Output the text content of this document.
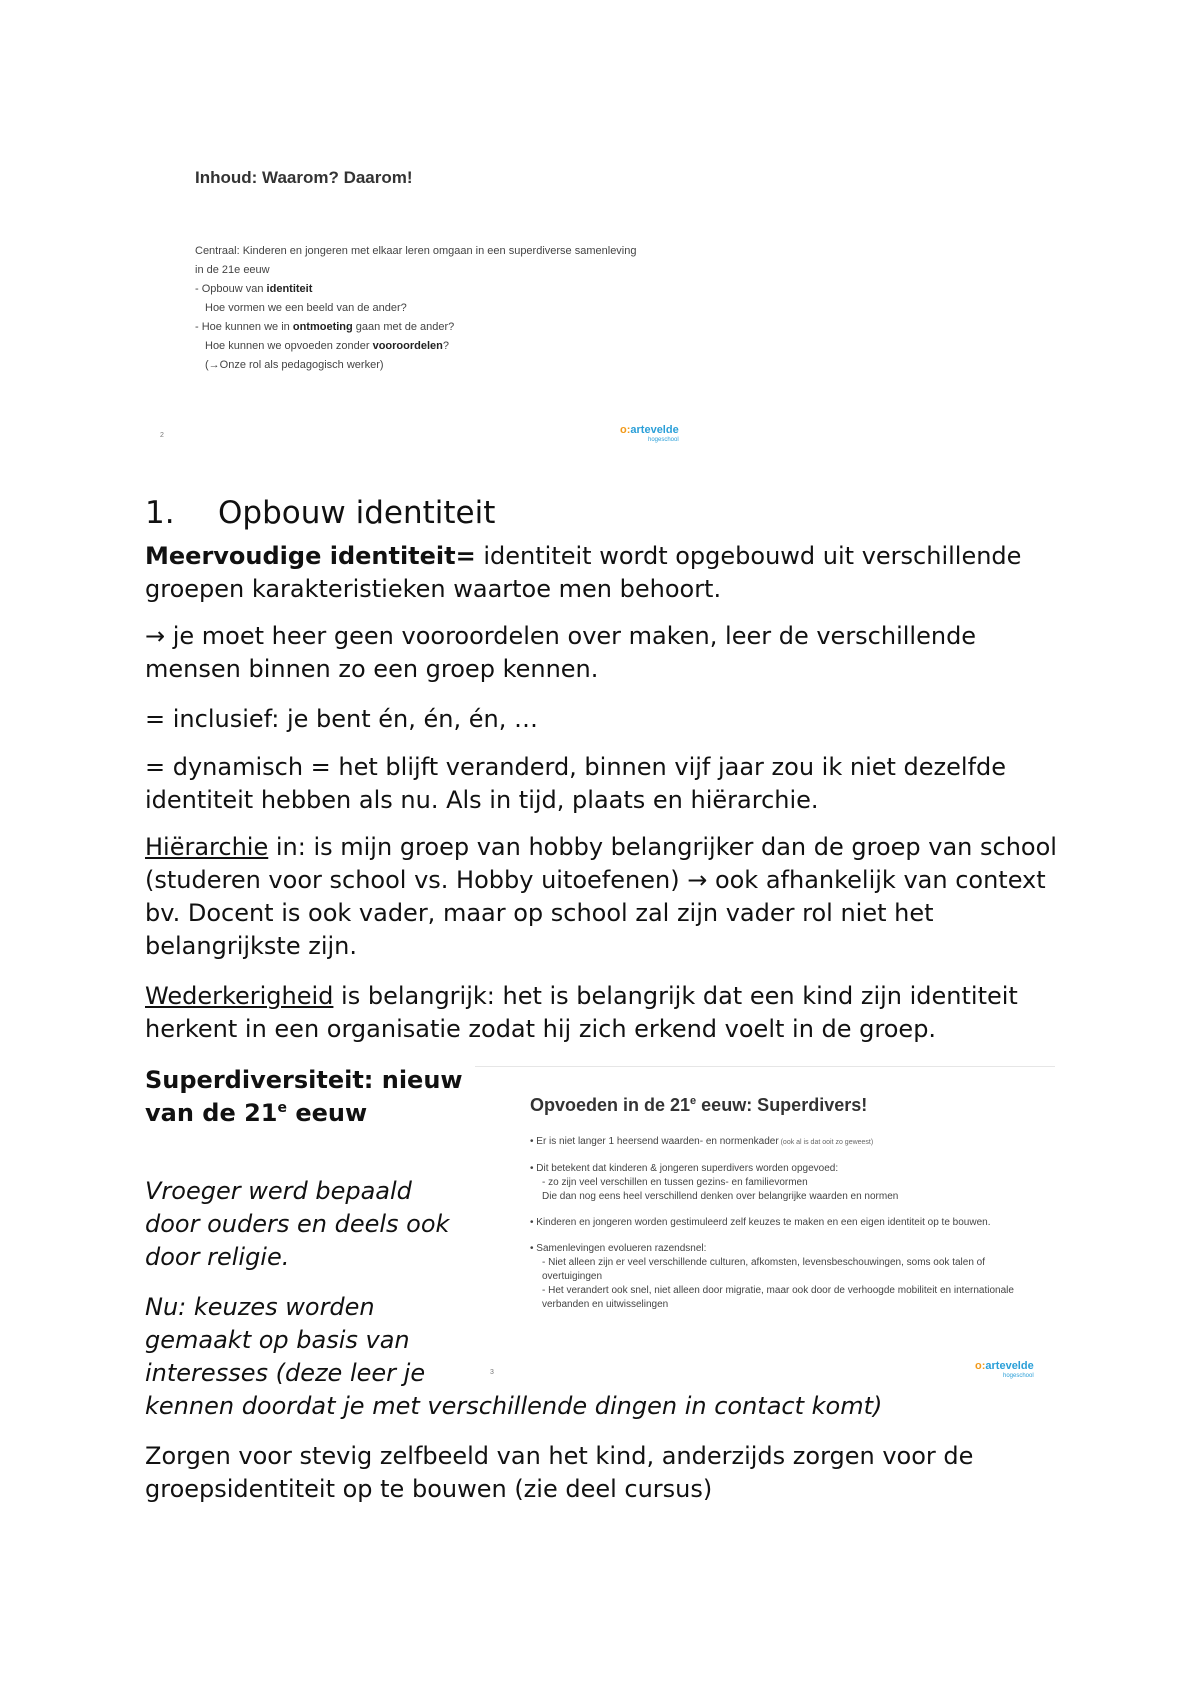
Inhoud: Waarom? Daarom!
Centraal: Kinderen en jongeren met elkaar leren omgaan in een superdiverse samenleving
in de 21e eeuw
- Opbouw van identiteit
Hoe vormen we een beeld van de ander?
- Hoe kunnen we in ontmoeting gaan met de ander?
Hoe kunnen we opvoeden zonder vooroordelen?
(→Onze rol als pedagogisch werker)
2	o:arteveldе
hogeschool
1. Opbouw identiteit

Meervoudige identiteit= identiteit wordt opgebouwd uit verschillende groepen karakteristieken waartoe men behoort.

→ je moet heer geen vooroordelen over maken, leer de verschillende mensen binnen zo een groep kennen.

= inclusief: je bent én, én, én, …

= dynamisch = het blijft veranderd, binnen vijf jaar zou ik niet dezelfde identiteit hebben als nu. Als in tijd, plaats en hiërarchie.

Hiërarchie in: is mijn groep van hobby belangrijker dan de groep van school (studeren voor school vs. Hobby uitoefenen) → ook afhankelijk van context bv. Docent is ook vader, maar op school zal zijn vader rol niet het belangrijkste zijn.

Wederkerigheid is belangrijk: het is belangrijk dat een kind zijn identiteit herkent in een organisatie zodat hij zich erkend voelt in de groep.

Superdiversiteit: nieuw van de 21e eeuw

Vroeger werd bepaald door ouders en deels ook door religie.

Nu: keuzes worden gemaakt op basis van interesses (deze leer je

kennen doordat je met verschillende dingen in contact komt)

Opvoeden in de 21e eeuw: Superdivers!
• Er is niet langer 1 heersend waarden- en normenkader (ook al is dat ooit zo geweest)
• Dit betekent dat kinderen & jongeren superdivers worden opgevoed:
- zo zijn veel verschillen en tussen gezins- en familievormen
Die dan nog eens heel verschillend denken over belangrijke waarden en normen
• Kinderen en jongeren worden gestimuleerd zelf keuzes te maken en een eigen identiteit op te bouwen.
• Samenlevingen evolueren razendsnel:
- Niet alleen zijn er veel verschillende culturen, afkomsten, levensbeschouwingen, soms ook talen of overtuigingen
- Het verandert ook snel, niet alleen door migratie, maar ook door de verhoogde mobiliteit en internationale verbanden en uitwisselingen
3
o:arteveldе
hogeschool

Zorgen voor stevig zelfbeeld van het kind, anderzijds zorgen voor de groepsidentiteit op te bouwen (zie deel cursus)
